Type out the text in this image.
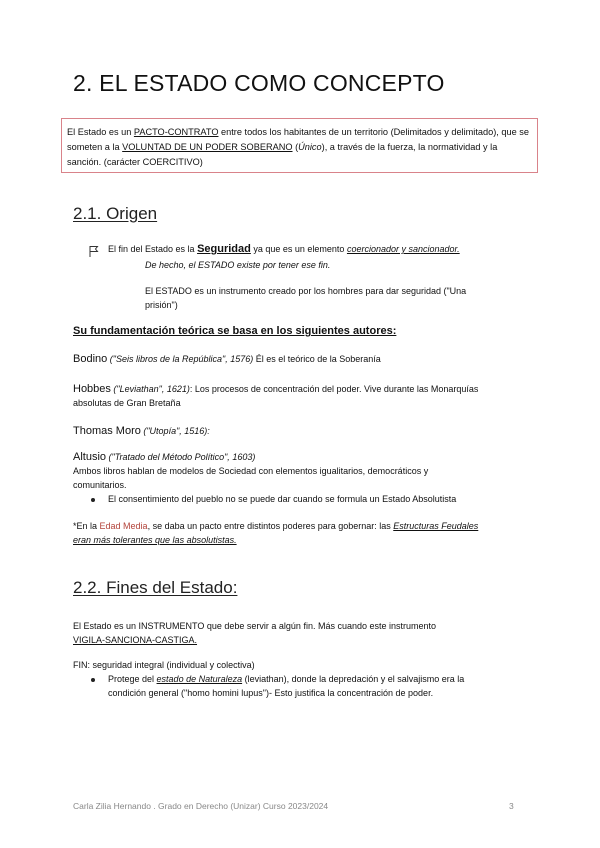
2. EL ESTADO COMO CONCEPTO
El Estado es un PACTO-CONTRATO entre todos los habitantes de un territorio (Delimitados y delimitado), que se someten a la VOLUNTAD DE UN PODER SOBERANO (Único), a través de la fuerza, la normatividad y la sanción. (carácter COERCITIVO)
2.1. Origen
El fin del Estado es la Seguridad ya que es un elemento coercionador y sancionador.
De hecho, el ESTADO existe por tener ese fin.
El ESTADO es un instrumento creado por los hombres para dar seguridad ("Una
prisión")
Su fundamentación teórica se basa en los siguientes autores:
Bodino ("Seis libros de la República", 1576) Él es el teórico de la Soberanía
Hobbes ("Leviathan", 1621): Los procesos de concentración del poder. Vive durante las Monarquías
absolutas de Gran Bretaña
Thomas Moro ("Utopía", 1516):
Altusio ("Tratado del Método Político", 1603)
Ambos libros hablan de modelos de Sociedad con elementos igualitarios, democráticos y
comunitarios.
El consentimiento del pueblo no se puede dar cuando se formula un Estado Absolutista
*En la Edad Media, se daba un pacto entre distintos poderes para gobernar: las Estructuras Feudales
eran más tolerantes que las absolutistas.
2.2. Fines del Estado:
El Estado es un INSTRUMENTO que debe servir a algún fin. Más cuando este instrumento
VIGILA-SANCIONA-CASTIGA.
FIN: seguridad integral (individual y colectiva)
Protege del estado de Naturaleza (leviathan), donde la depredación y el salvajismo era la
condición general ("homo homini lupus")- Esto justifica la concentración de poder.
Carla Zilia Hernando . Grado en Derecho (Unizar) Curso 2023/2024	3
